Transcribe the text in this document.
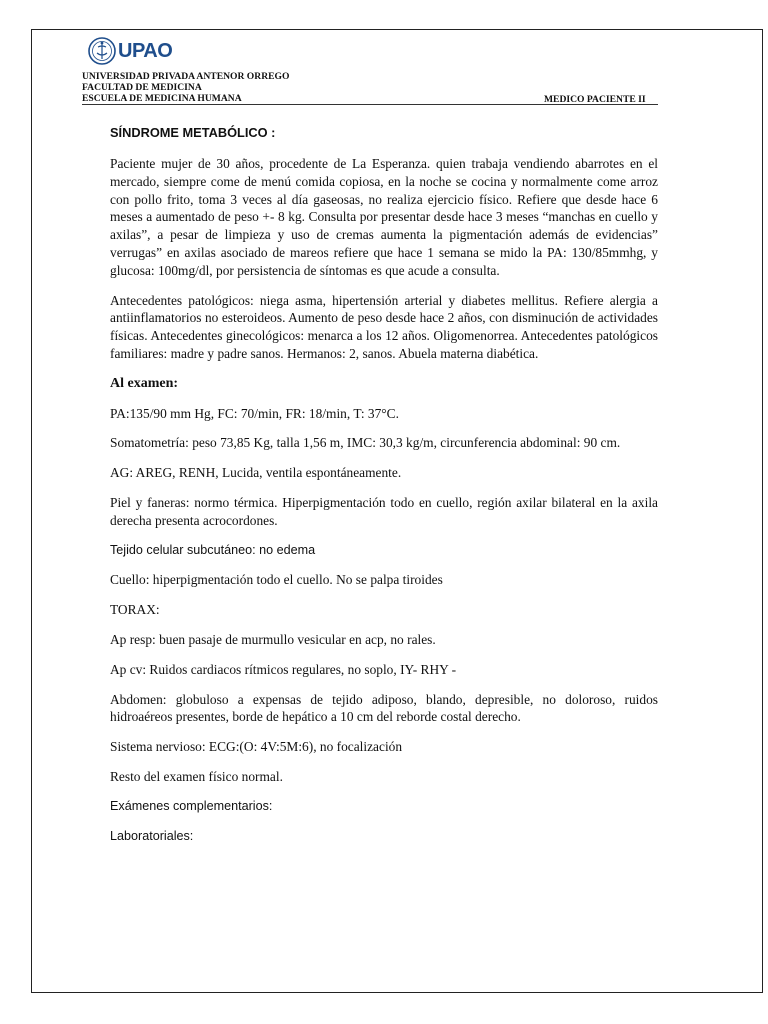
UPAO
UNIVERSIDAD PRIVADA ANTENOR ORREGO
FACULTAD DE MEDICINA
ESCUELA DE MEDICINA HUMANA	MEDICO PACIENTE II
SÍNDROME METABÓLICO :

Paciente mujer de 30 años, procedente de La Esperanza. quien trabaja vendiendo abarrotes en el mercado, siempre come de menú comida copiosa, en la noche se cocina y normalmente come arroz con pollo frito, toma 3 veces al día gaseosas, no realiza ejercicio físico. Refiere que desde hace 6 meses a aumentado de peso +- 8 kg. Consulta por presentar desde hace 3 meses “manchas en cuello y axilas”, a pesar de limpieza y uso de cremas aumenta la pigmentación además de evidencias” verrugas” en axilas asociado de mareos refiere que hace 1 semana se mido la PA: 130/85mmhg, y glucosa: 100mg/dl, por persistencia de síntomas es que acude a consulta.

Antecedentes patológicos: niega asma, hipertensión arterial y diabetes mellitus. Refiere alergia a antiinflamatorios no esteroideos. Aumento de peso desde hace 2 años, con disminución de actividades físicas. Antecedentes ginecológicos: menarca a los 12 años. Oligomenorrea. Antecedentes patológicos familiares: madre y padre sanos. Hermanos: 2, sanos. Abuela materna diabética.

Al examen:

PA:135/90 mm Hg, FC: 70/min, FR: 18/min, T: 37°C.

Somatometría: peso 73,85 Kg, talla 1,56 m, IMC: 30,3 kg/m, circunferencia abdominal: 90 cm.

AG: AREG, RENH, Lucida, ventila espontáneamente.

Piel y faneras: normo térmica. Hiperpigmentación todo en cuello, región axilar bilateral en la axila derecha presenta acrocordones.

Tejido celular subcutáneo: no edema

Cuello: hiperpigmentación todo el cuello. No se palpa tiroides

TORAX:

Ap resp: buen pasaje de murmullo vesicular en acp, no rales.

Ap cv: Ruidos cardiacos rítmicos regulares, no soplo, IY- RHY -

Abdomen: globuloso a expensas de tejido adiposo, blando, depresible, no doloroso, ruidos hidroaéreos presentes, borde de hepático a 10 cm del reborde costal derecho.

Sistema nervioso: ECG:(O: 4V:5M:6), no focalización

Resto del examen físico normal.

Exámenes complementarios:

Laboratoriales:
